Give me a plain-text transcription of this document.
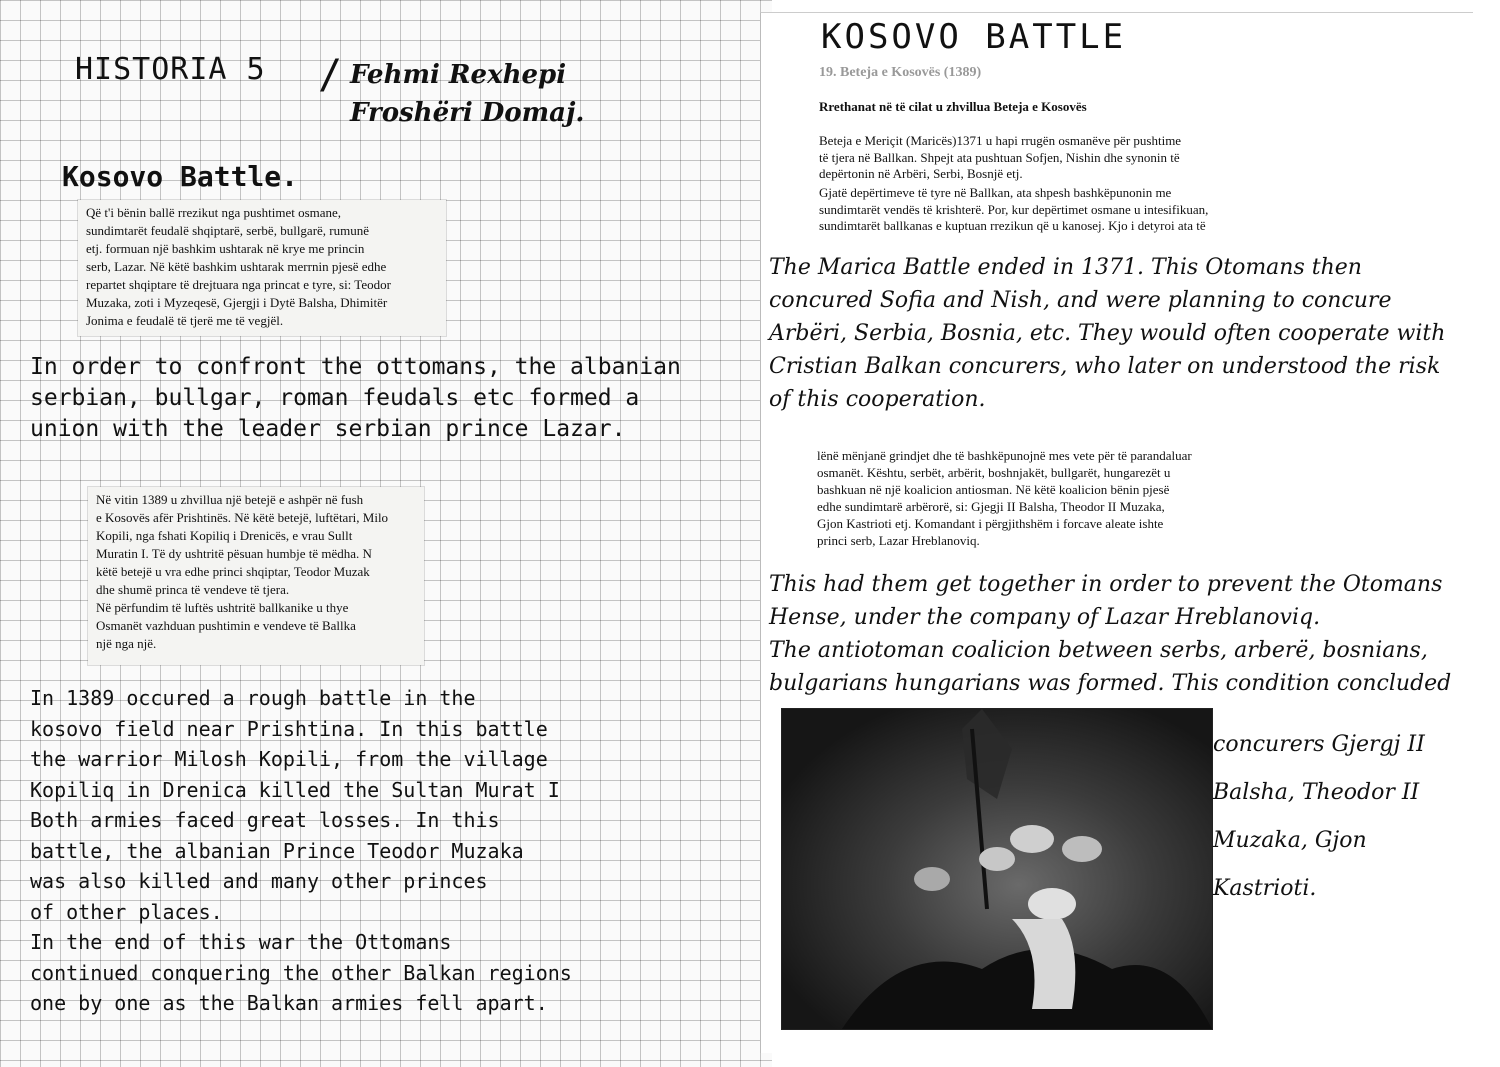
HISTORIA 5 / Fehmi Rexhepi

Froshëri Domaj.

Kosovo Battle.

Që t'i bënin ballë rrezikut nga pushtimet osmane,
sundimtarët feudalë shqiptarë, serbë, bullgarë, rumunë
etj. formuan një bashkim ushtarak në krye me princin
serb, Lazar. Në këtë bashkim ushtarak merrnin pjesë edhe
repartet shqiptare të drejtuara nga princat e tyre, si: Teodor
Muzaka, zoti i Myzeqesë, Gjergji i Dytë Balsha, Dhimitër
Jonima e feudalë të tjerë me të vegjël.

In order to confront the ottomans, the albanian

serbian, bullgar, roman feudals etc formed a

union with the leader serbian prince Lazar.

Në vitin 1389 u zhvillua një betejë e ashpër në fush
e Kosovës afër Prishtinës. Në këtë betejë, luftëtari, Milo
Kopili, nga fshati Kopiliq i Drenicës, e vrau Sullt
Muratin I. Të dy ushtritë pësuan humbje të mëdha. N
këtë betejë u vra edhe princi shqiptar, Teodor Muzak
dhe shumë princa të vendeve të tjera.
Në përfundim të luftës ushtritë ballkanike u thye
Osmanët vazhduan pushtimin e vendeve të Ballka
një nga një.

In 1389 occured a rough battle in the

kosovo field near Prishtina. In this battle

the warrior Milosh Kopili, from the village

Kopiliq in Drenica killed the Sultan Murat I

Both armies faced great losses. In this

battle, the albanian Prince Teodor Muzaka

was also killed and many other princes

of other places.

In the end of this war the Ottomans

continued conquering the other Balkan regions

one by one as the Balkan armies fell apart.

KOSOVO BATTLE

19. Beteja e Kosovës (1389)

Rrethanat në të cilat u zhvillua Beteja e Kosovës

Beteja e Meriçit (Maricës)1371 u hapi rrugën osmanëve për pushtime
të tjera në Ballkan. Shpejt ata pushtuan Sofjen, Nishin dhe synonin të
depërtonin në Arbëri, Serbi, Bosnjë etj.

Gjatë depërtimeve të tyre në Ballkan, ata shpesh bashkëpunonin me
sundimtarët vendës të krishterë. Por, kur depërtimet osmane u intesifikuan,
sundimtarët ballkanas e kuptuan rrezikun që u kanosej. Kjo i detyroi ata të

The Marica Battle ended in 1371. This Otomans then

concured Sofia and Nish, and were planning to concure

Arbëri, Serbia, Bosnia, etc. They would often cooperate with

Cristian Balkan concurers, who later on understood the risk

of this cooperation.

lënë mënjanë grindjet dhe të bashkëpunojnë mes vete për të parandaluar
osmanët. Kështu, serbët, arbërit, boshnjakët, bullgarët, hungarezët u
bashkuan në një koalicion antiosman. Në këtë koalicion bënin pjesë
edhe sundimtarë arbërorë, si: Gjegji II Balsha, Theodor II Muzaka,
Gjon Kastrioti etj. Komandant i përgjithshëm i forcave aleate ishte
princi serb, Lazar Hreblanoviq.

This had them get together in order to prevent the Otomans

Hense, under the company of Lazar Hreblanoviq.

The antiotoman coalicion between serbs, arberë, bosnians,

bulgarians hungarians was formed. This condition concluded

concurers Gjergj II

Balsha, Theodor II

Muzaka, Gjon

Kastrioti.
